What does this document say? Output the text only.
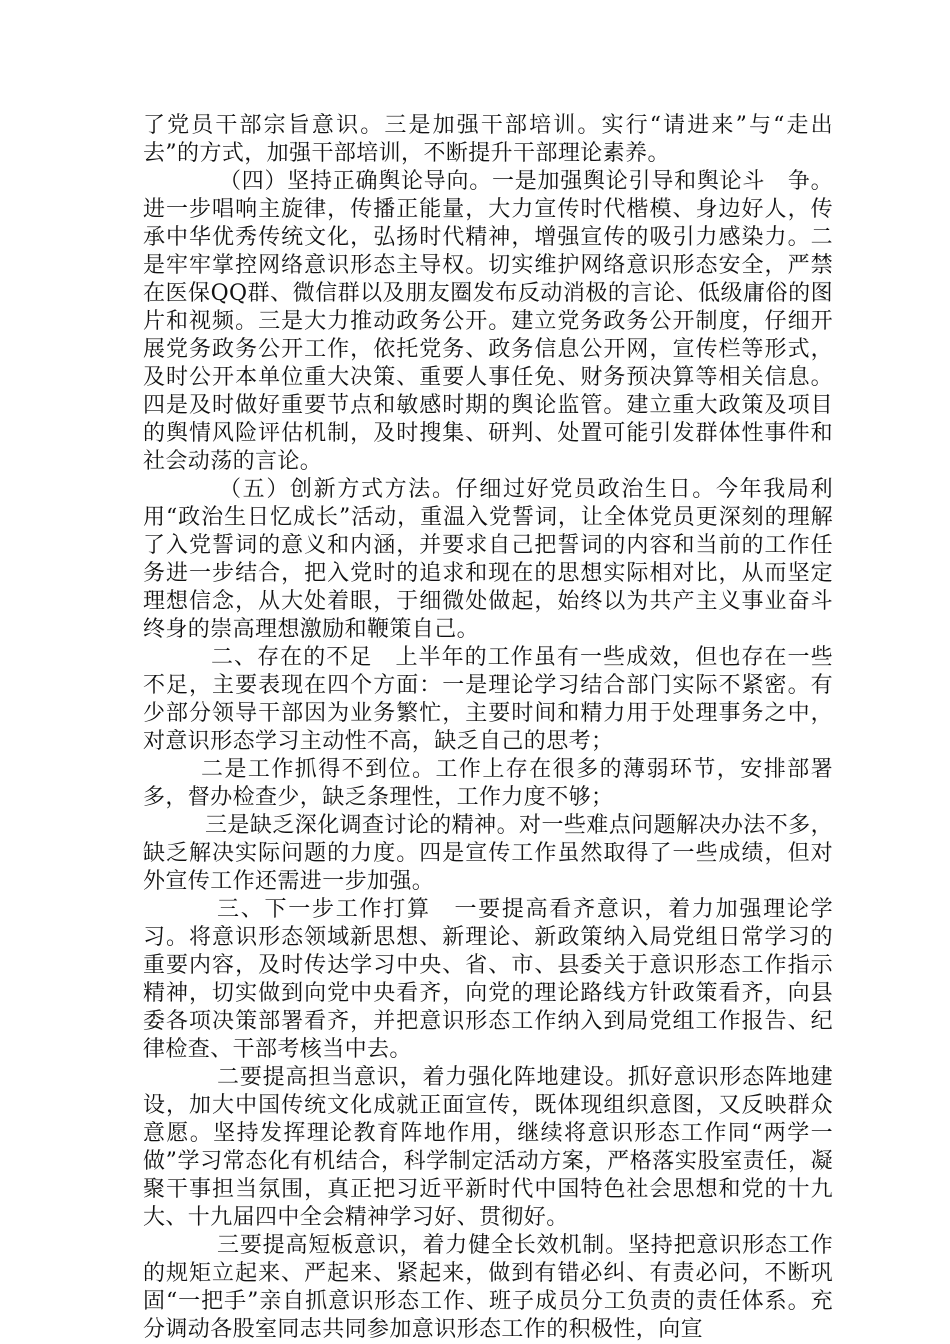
了党员干部宗旨意识。三是加强干部培训。实行“请进来”与“走出去”的方式，加强干部培训，不断提升干部理论素养。

（四）坚持正确舆论导向。一是加强舆论引导和舆论斗　争。进一步唱响主旋律，传播正能量，大力宣传时代楷模、身边好人，传承中华优秀传统文化，弘扬时代精神，增强宣传的吸引力感染力。二是牢牢掌控网络意识形态主导权。切实维护网络意识形态安全，严禁在医保QQ群、微信群以及朋友圈发布反动消极的言论、低级庸俗的图片和视频。三是大力推动政务公开。建立党务政务公开制度，仔细开展党务政务公开工作，依托党务、政务信息公开网，宣传栏等形式，及时公开本单位重大决策、重要人事任免、财务预决算等相关信息。四是及时做好重要节点和敏感时期的舆论监管。建立重大政策及项目的舆情风险评估机制，及时搜集、研判、处置可能引发群体性事件和社会动荡的言论。

（五）创新方式方法。仔细过好党员政治生日。今年我局利用“政治生日忆成长”活动，重温入党誓词，让全体党员更深刻的理解了入党誓词的意义和内涵，并要求自己把誓词的内容和当前的工作任务进一步结合，把入党时的追求和现在的思想实际相对比，从而坚定理想信念，从大处着眼，于细微处做起，始终以为共产主义事业奋斗终身的崇高理想激励和鞭策自己。

二、存在的不足　上半年的工作虽有一些成效，但也存在一些不足，主要表现在四个方面：一是理论学习结合部门实际不紧密。有少部分领导干部因为业务繁忙，主要时间和精力用于处理事务之中，对意识形态学习主动性不高，缺乏自己的思考；

二是工作抓得不到位。工作上存在很多的薄弱环节，安排部署多，督办检查少，缺乏条理性，工作力度不够；

三是缺乏深化调查讨论的精神。对一些难点问题解决办法不多，缺乏解决实际问题的力度。四是宣传工作虽然取得了一些成绩，但对外宣传工作还需进一步加强。

三、下一步工作打算　一要提高看齐意识，着力加强理论学习。将意识形态领域新思想、新理论、新政策纳入局党组日常学习的重要内容，及时传达学习中央、省、市、县委关于意识形态工作指示精神，切实做到向党中央看齐，向党的理论路线方针政策看齐，向县委各项决策部署看齐，并把意识形态工作纳入到局党组工作报告、纪律检查、干部考核当中去。

二要提高担当意识，着力强化阵地建设。抓好意识形态阵地建设，加大中国传统文化成就正面宣传，既体现组织意图，又反映群众意愿。坚持发挥理论教育阵地作用，继续将意识形态工作同“两学一做”学习常态化有机结合，科学制定活动方案，严格落实股室责任，凝聚干事担当氛围，真正把习近平新时代中国特色社会思想和党的十九大、十九届四中全会精神学习好、贯彻好。

三要提高短板意识，着力健全长效机制。坚持把意识形态工作的规矩立起来、严起来、紧起来，做到有错必纠、有责必问，不断巩固“一把手”亲自抓意识形态工作、班子成员分工负责的责任体系。充分调动各股室同志共同参加意识形态工作的积极性，向宣
